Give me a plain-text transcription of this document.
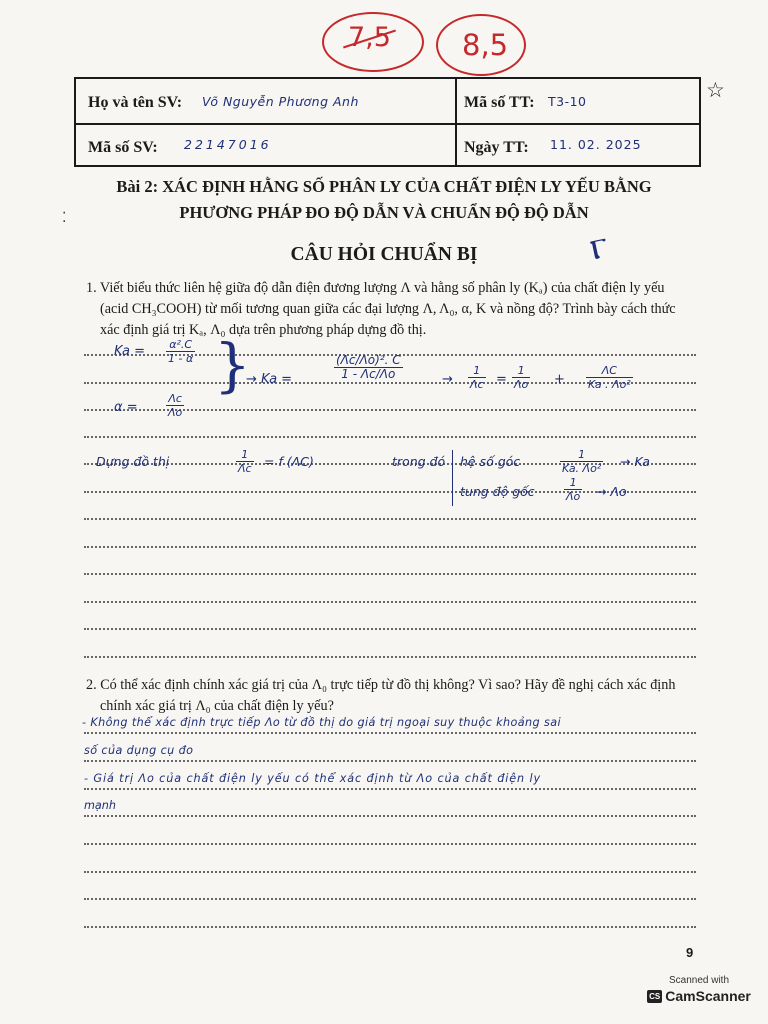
7,5 8,5
Họ và tên SV: Võ Nguyễn Phương Anh
Mã số SV: 22147016
Mã số TT: T3-10
Ngày TT: 11. 02. 2025
☆
⁚
Bài 2: XÁC ĐỊNH HẰNG SỐ PHÂN LY CỦA CHẤT ĐIỆN LY YẾU BẰNG
PHƯƠNG PHÁP ĐO ĐỘ DẪN VÀ CHUẨN ĐỘ ĐỘ DẪN
ⲅ
CÂU HỎI CHUẨN BỊ
1. Viết biểu thức liên hệ giữa độ dẫn điện đương lượng Λ và hằng số phân ly (Kₐ) của chất điện ly yếu
(acid CH₃COOH) từ mối tương quan giữa các đại lượng Λ, Λ₀, α, K và nồng độ? Trình bày cách thức
xác định giá trị Kₐ, Λ₀ dựa trên phương pháp dựng đồ thị.
Ka = α².C
1 - α
α =
Λc
Λo
}
→ Ka =
(Λc/Λo)². C
1 - Λc/Λo	→
1
Λc =
1
Λo +
ΛC
Ka . Λo²
Dựng đồ thị	1
Λc = f (ΛC)	trong đó hệ số góc	1
Ka. Λo² → Ka
tung độ gốc
1
Λo → Λo
2. Có thể xác định chính xác giá trị của Λ₀ trực tiếp từ đồ thị không? Vì sao? Hãy đề nghị cách xác định
chính xác giá trị Λ₀ của chất điện ly yếu?
- Không thể xác định trực tiếp Λo từ đồ thị do giá trị ngoại suy thuộc khoảng sai
số của dụng cụ đo
- Giá trị Λo của chất điện ly yếu có thể xác định từ Λo của chất điện ly
mạnh
9
Scanned with
CS CamScanner
